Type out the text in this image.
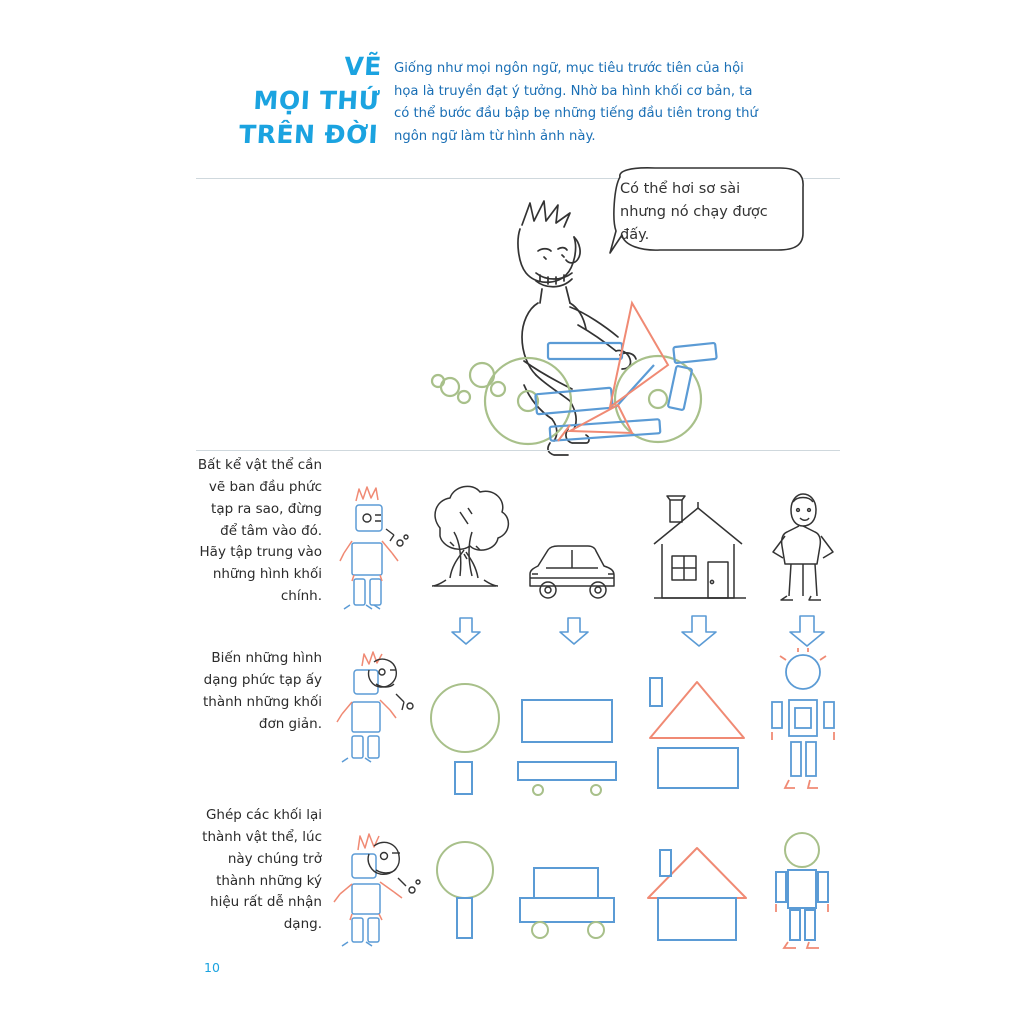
VẼ
MỌI THỨ
TRÊN ĐỜI
Giống như mọi ngôn ngữ, mục tiêu trước tiên của hội họa là truyền đạt ý tưởng. Nhờ ba hình khối cơ bản, ta có thể bước đầu bập bẹ những tiếng đầu tiên trong thứ ngôn ngữ làm từ hình ảnh này.
Có thể hơi sơ sài nhưng nó chạy được đấy.
Bất kể vật thể cần vẽ ban đầu phức tạp ra sao, đừng để tâm vào đó. Hãy tập trung vào những hình khối chính.
Biến những hình dạng phức tạp ấy thành những khối đơn giản.
Ghép các khối lại thành vật thể, lúc này chúng trở thành những ký hiệu rất dễ nhận dạng.
10
